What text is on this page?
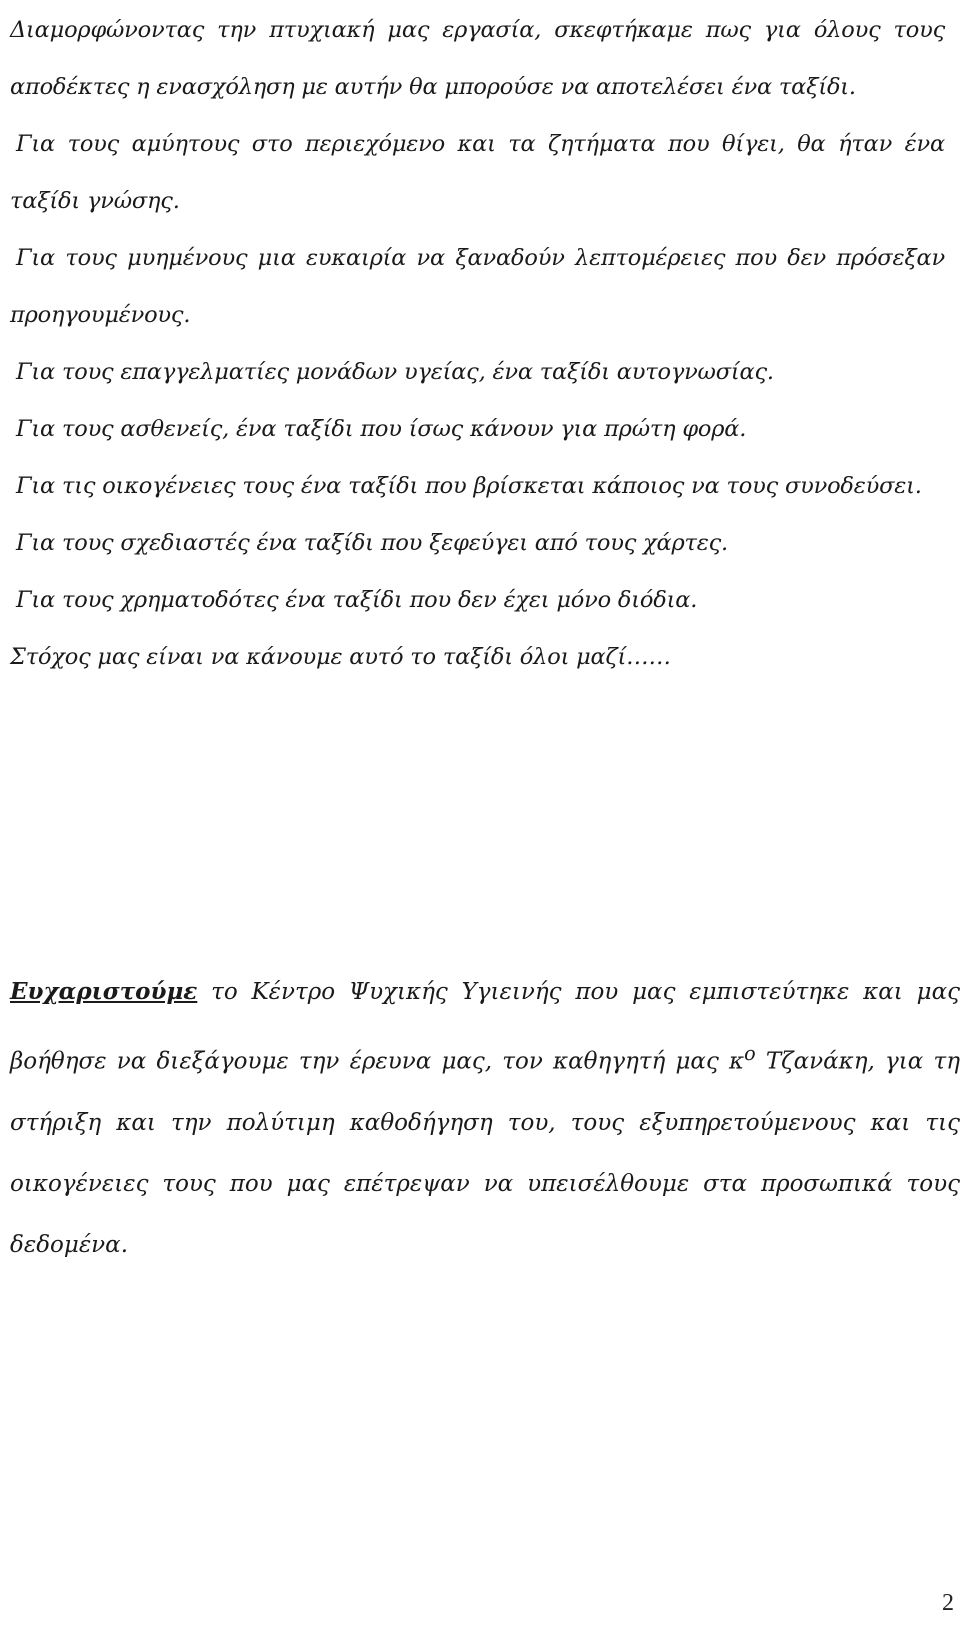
Διαμορφώνοντας την πτυχιακή μας εργασία, σκεφτήκαμε πως για όλους τους
αποδέκτες η ενασχόληση με αυτήν θα μπορούσε να αποτελέσει ένα ταξίδι.
Για τους αμύητους στο περιεχόμενο και τα ζητήματα που θίγει, θα ήταν ένα
ταξίδι γνώσης.
Για τους μυημένους μια ευκαιρία να ξαναδούν λεπτομέρειες που δεν πρόσεξαν
προηγουμένους.
Για τους επαγγελματίες μονάδων υγείας, ένα ταξίδι αυτογνωσίας.
Για τους ασθενείς, ένα ταξίδι που ίσως κάνουν για πρώτη φορά.
Για τις οικογένειες τους ένα ταξίδι που βρίσκεται κάποιος να τους συνοδεύσει.
Για τους σχεδιαστές ένα ταξίδι που ξεφεύγει από τους χάρτες.
Για τους χρηματοδότες ένα ταξίδι που δεν έχει μόνο διόδια.
Στόχος μας είναι να κάνουμε αυτό το ταξίδι όλοι μαζί……
Ευχαριστούμε το Κέντρο Ψυχικής Υγιεινής που μας εμπιστεύτηκε και μας
βοήθησε να διεξάγουμε την έρευνα μας, τον καθηγητή μας $\kappa^o$ Τζανάκη, για τη
στήριξη και την πολύτιμη καθοδήγηση του, τους εξυπηρετούμενους και τις
οικογένειες τους που μας επέτρεψαν να υπεισέλθουμε στα προσωπικά τους
δεδομένα.
2
